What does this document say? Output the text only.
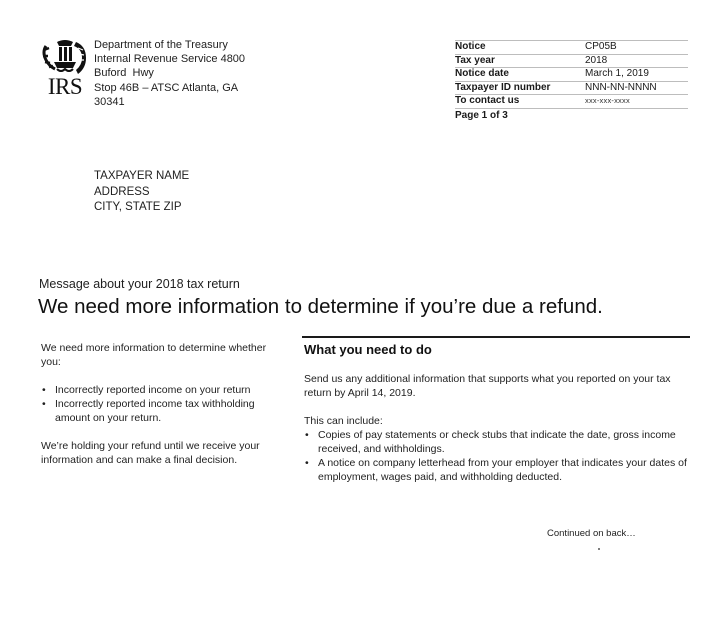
IRS
Department of the Treasury
Internal Revenue Service 4800
Buford  Hwy
Stop 46B – ATSC Atlanta, GA
30341
Notice	CP05B
Tax year	2018
Notice date	March 1, 2019
Taxpayer ID number	NNN-NN-NNNN
To contact us	xxx-xxx-xxxx
Page 1 of 3
TAXPAYER NAME
ADDRESS
CITY, STATE ZIP
Message about your 2018 tax return
We need more information to determine if you’re due a refund.

We need more information to determine whether you:

• Incorrectly reported income on your return
• Incorrectly reported income tax withholding amount on your return.

We’re holding your refund until we receive your information and can make a final decision.

What you need to do

Send us any additional information that supports what you reported on your tax return by April 14, 2019.

This can include:

• Copies of pay statements or check stubs that indicate the date, gross income received, and withholdings.
• A notice on company letterhead from your employer that indicates your dates of employment, wages paid, and withholding deducted.
Continued on back…
